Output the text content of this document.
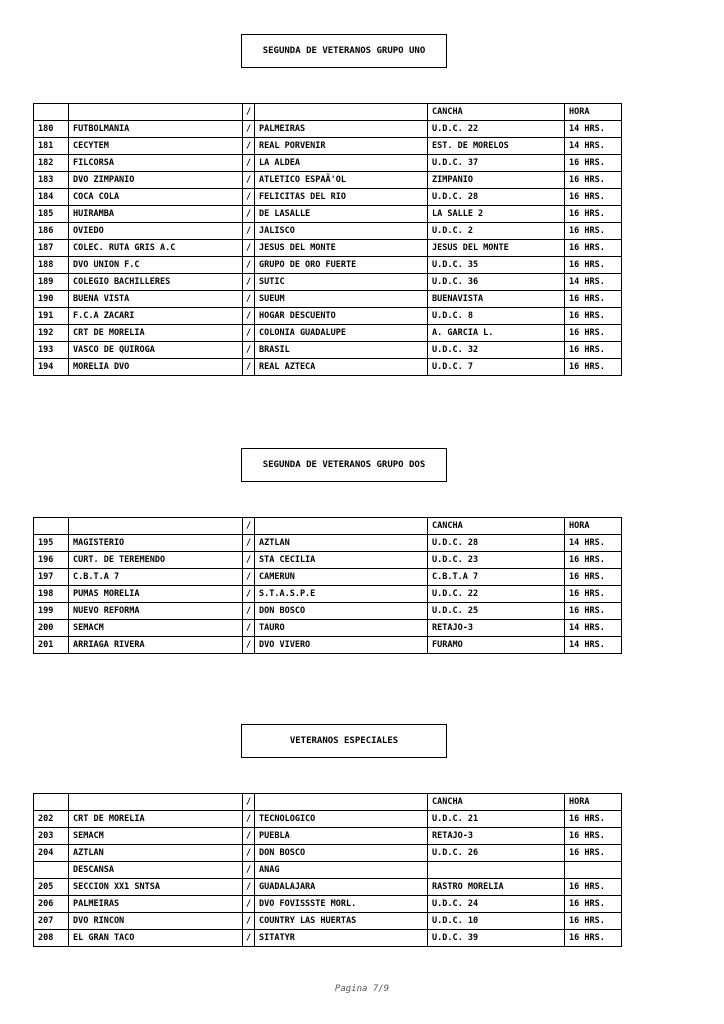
SEGUNDA DE VETERANOS GRUPO UNO
		/		CANCHA	HORA
180	FUTBOLMANIA	/	PALMEIRAS	U.D.C. 22	14 HRS.
181	CECYTEM	/	REAL PORVENIR	EST. DE MORELOS	14 HRS.
182	FILCORSA	/	LA ALDEA	U.D.C. 37	16 HRS.
183	DVO ZIMPANIO	/	ATLETICO ESPAÃ'OL	ZIMPANIO	16 HRS.
184	COCA COLA	/	FELICITAS DEL RIO	U.D.C. 28	16 HRS.
185	HUIRAMBA	/	DE LASALLE	LA SALLE 2	16 HRS.
186	OVIEDO	/	JALISCO	U.D.C. 2	16 HRS.
187	COLEC. RUTA GRIS A.C	/	JESUS DEL MONTE	JESUS DEL MONTE	16 HRS.
188	DVO UNION F.C	/	GRUPO DE ORO FUERTE	U.D.C. 35	16 HRS.
189	COLEGIO BACHILLERES	/	SUTIC	U.D.C. 36	14 HRS.
190	BUENA VISTA	/	SUEUM	BUENAVISTA	16 HRS.
191	F.C.A ZACARI	/	HOGAR DESCUENTO	U.D.C. 8	16 HRS.
192	CRT DE MORELIA	/	COLONIA GUADALUPE	A. GARCIA L.	16 HRS.
193	VASCO DE QUIROGA	/	BRASIL	U.D.C. 32	16 HRS.
194	MORELIA DVO	/	REAL AZTECA	U.D.C. 7	16 HRS.
SEGUNDA DE VETERANOS GRUPO DOS
		/		CANCHA	HORA
195	MAGISTERIO	/	AZTLAN	U.D.C. 28	14 HRS.
196	CURT. DE TEREMENDO	/	STA CECILIA	U.D.C. 23	16 HRS.
197	C.B.T.A 7	/	CAMERUN	C.B.T.A 7	16 HRS.
198	PUMAS MORELIA	/	S.T.A.S.P.E	U.D.C. 22	16 HRS.
199	NUEVO REFORMA	/	DON BOSCO	U.D.C. 25	16 HRS.
200	SEMACM	/	TAURO	RETAJO-3	14 HRS.
201	ARRIAGA RIVERA	/	DVO VIVERO	FURAMO	14 HRS.
VETERANOS ESPECIALES
		/		CANCHA	HORA
202	CRT DE MORELIA	/	TECNOLOGICO	U.D.C. 21	16 HRS.
203	SEMACM	/	PUEBLA	RETAJO-3	16 HRS.
204	AZTLAN	/	DON BOSCO	U.D.C. 26	16 HRS.
	DESCANSA	/	ANAG		
205	SECCION XX1 SNTSA	/	GUADALAJARA	RASTRO MORELIA	16 HRS.
206	PALMEIRAS	/	DVO FOVISSSTE MORL.	U.D.C. 24	16 HRS.
207	DVO RINCON	/	COUNTRY LAS HUERTAS	U.D.C. 10	16 HRS.
208	EL GRAN TACO	/	SITATYR	U.D.C. 39	16 HRS.
Pagina 7/9
